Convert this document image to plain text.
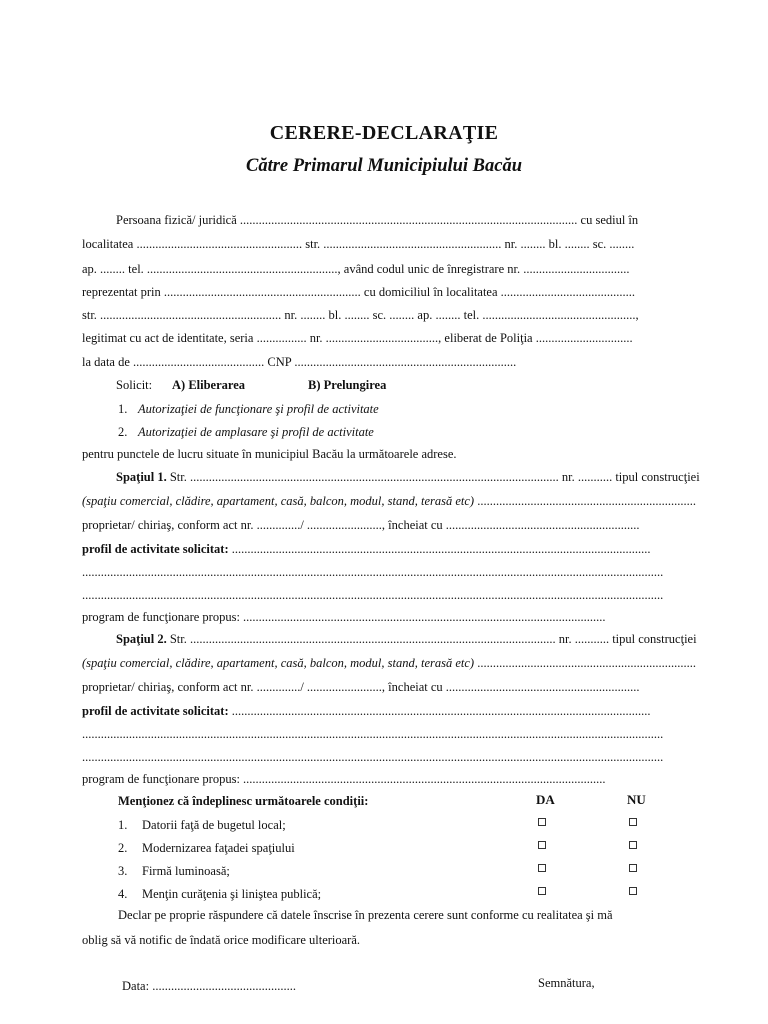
CERERE-DECLARAŢIE
Către Primarul Municipiului Bacău
Persoana fizică/ juridică ............................................................................................................ cu sediul în
localitatea ..................................................... str. ......................................................... nr. ........ bl. ........ sc. ........
ap. ........ tel. ............................................................., având codul unic de înregistrare nr. ..................................
reprezentat prin ............................................................... cu domiciliul în localitatea ...........................................
str. .......................................................... nr. ........ bl. ........ sc. ........ ap. ........ tel. .................................................,
legitimat cu act de identitate, seria ................ nr. ...................................., eliberat de Poliţia ...............................
la data de .......................................... CNP .......................................................................
Solicit: A) Eliberarea	B) Prelungirea
1. Autorizaţiei de funcţionare şi profil de activitate
2. Autorizaţiei de amplasare şi profil de activitate
pentru punctele de lucru situate în municipiul Bacău la următoarele adrese.
Spaţiul 1. Str. ...................................................................................................................... nr. ........... tipul construcţiei
(spaţiu comercial, clădire, apartament, casă, balcon, modul, stand, terasă etc) ......................................................................
proprietar/ chiriaş, conform act nr. ............../ ........................, încheiat cu ..............................................................
profil de activitate solicitat: ......................................................................................................................................
..........................................................................................................................................................................................
..........................................................................................................................................................................................
program de funcţionare propus: ....................................................................................................................
Spaţiul 2. Str. ..................................................................................................................... nr. ........... tipul construcţiei
(spaţiu comercial, clădire, apartament, casă, balcon, modul, stand, terasă etc) ......................................................................
proprietar/ chiriaş, conform act nr. ............../ ........................, încheiat cu ..............................................................
profil de activitate solicitat: ......................................................................................................................................
..........................................................................................................................................................................................
..........................................................................................................................................................................................
program de funcţionare propus: ....................................................................................................................
Menţionez că îndeplinesc următoarele condiţii:	DA	NU
1. Datorii faţă de bugetul local;
2. Modernizarea faţadei spaţiului
3. Firmă luminoasă;
4. Menţin curăţenia şi liniştea publică;
Declar pe proprie răspundere că datele înscrise în prezenta cerere sunt conforme cu realitatea şi mă
oblig să vă notific de îndată orice modificare ulterioară.
Data: ..............................................	Semnătura,
